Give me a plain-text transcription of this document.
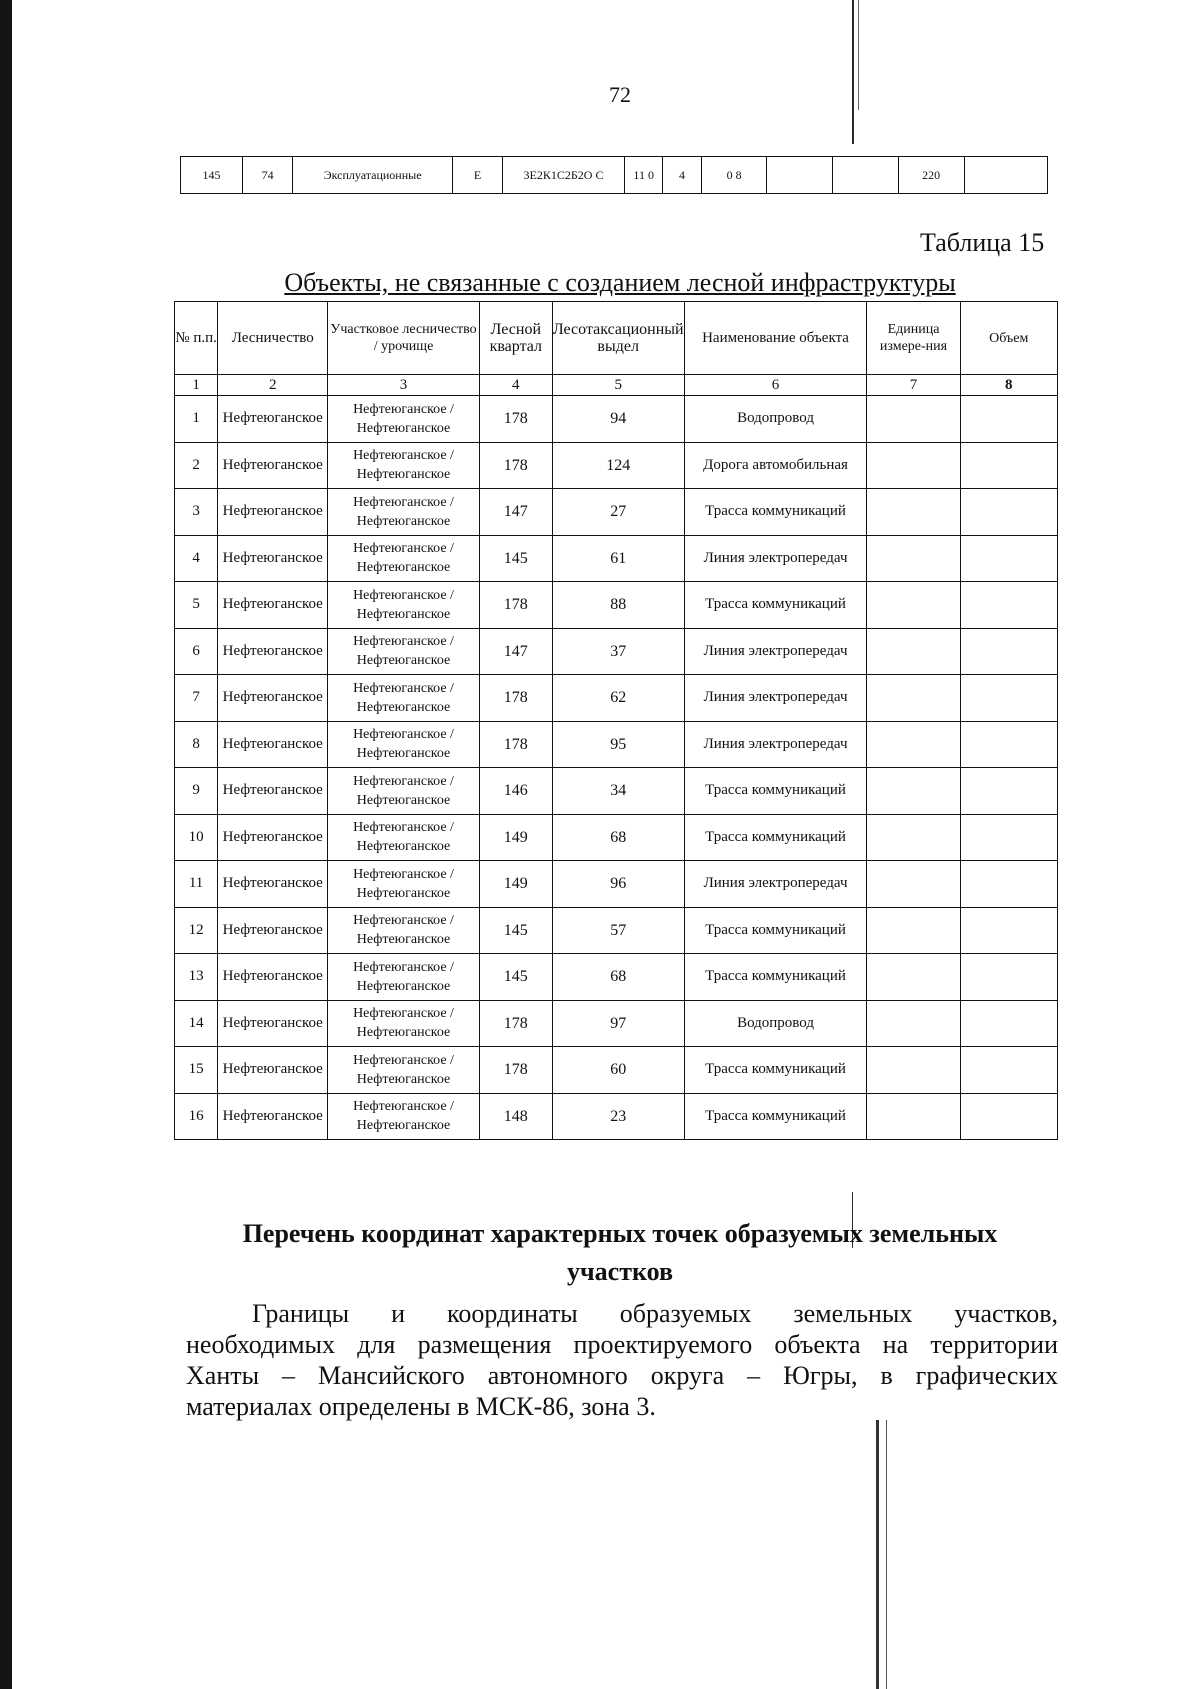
72
145	74	Эксплуатационные	Е	3Е2К1С2Б2О С	11 0	4	0 8			220	
Таблица 15
Объекты, не связанные с созданием лесной инфраструктуры
№ п.п.	Лесничество	Участковое лесничество / урочище	Лесной квартал	Лесотаксационный выдел	Наименование объекта	Единица измере-ния	Объем
1	2	3	4	5	6	7	8
1	Нефтеюганское	Нефтеюганское / Нефтеюганское	178	94	Водопровод		
2	Нефтеюганское	Нефтеюганское / Нефтеюганское	178	124	Дорога автомобильная		
3	Нефтеюганское	Нефтеюганское / Нефтеюганское	147	27	Трасса коммуникаций		
4	Нефтеюганское	Нефтеюганское / Нефтеюганское	145	61	Линия электропередач		
5	Нефтеюганское	Нефтеюганское / Нефтеюганское	178	88	Трасса коммуникаций		
6	Нефтеюганское	Нефтеюганское / Нефтеюганское	147	37	Линия электропередач		
7	Нефтеюганское	Нефтеюганское / Нефтеюганское	178	62	Линия электропередач		
8	Нефтеюганское	Нефтеюганское / Нефтеюганское	178	95	Линия электропередач		
9	Нефтеюганское	Нефтеюганское / Нефтеюганское	146	34	Трасса коммуникаций		
10	Нефтеюганское	Нефтеюганское / Нефтеюганское	149	68	Трасса коммуникаций		
11	Нефтеюганское	Нефтеюганское / Нефтеюганское	149	96	Линия электропередач		
12	Нефтеюганское	Нефтеюганское / Нефтеюганское	145	57	Трасса коммуникаций		
13	Нефтеюганское	Нефтеюганское / Нефтеюганское	145	68	Трасса коммуникаций		
14	Нефтеюганское	Нефтеюганское / Нефтеюганское	178	97	Водопровод		
15	Нефтеюганское	Нефтеюганское / Нефтеюганское	178	60	Трасса коммуникаций		
16	Нефтеюганское	Нефтеюганское / Нефтеюганское	148	23	Трасса коммуникаций		
Перечень координат характерных точек образуемых земельных
участков
Границы и координаты образуемых земельных участков,
необходимых для размещения проектируемого объекта на территории
Ханты – Мансийского автономного округа – Югры, в графических
материалах определены в МСК-86, зона 3.
